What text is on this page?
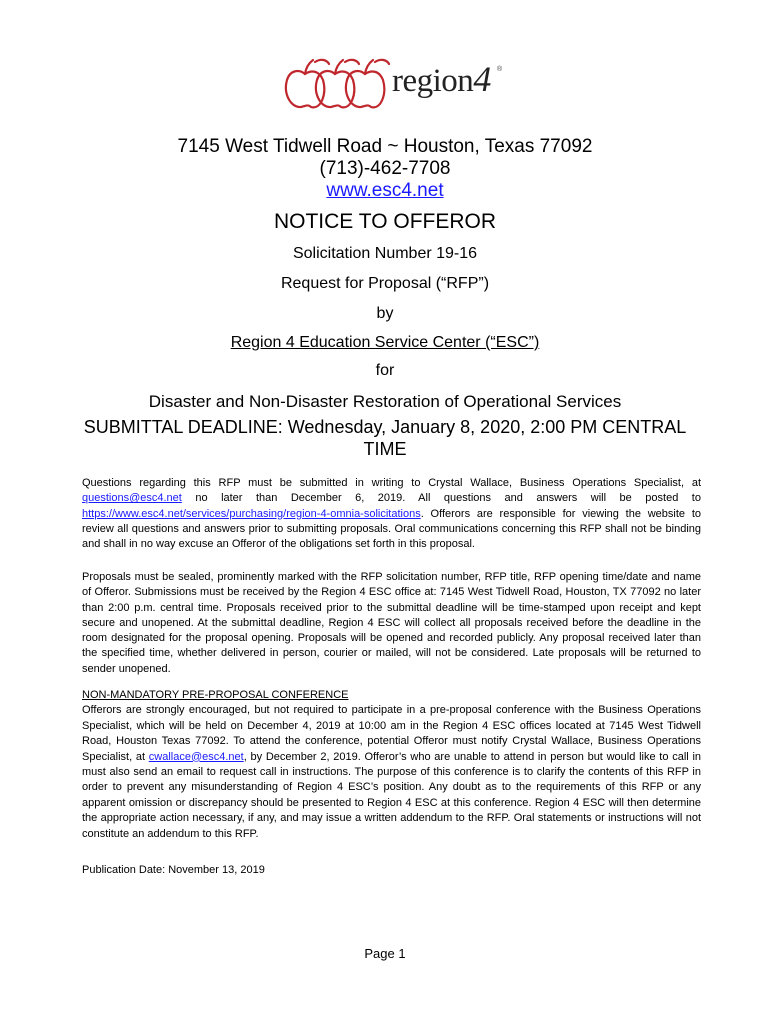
region4 ®
7145 West Tidwell Road ~ Houston, Texas 77092
(713)-462-7708
www.esc4.net
NOTICE TO OFFEROR
Solicitation Number 19-16
Request for Proposal (“RFP”)
by
Region 4 Education Service Center (“ESC”)
for
Disaster and Non-Disaster Restoration of Operational Services
SUBMITTAL DEADLINE: Wednesday, January 8, 2020, 2:00 PM CENTRAL
TIME
Questions regarding this RFP must be submitted in writing to Crystal Wallace, Business Operations Specialist, at questions@esc4.net no later than December 6, 2019. All questions and answers will be posted to https://www.esc4.net/services/purchasing/region-4-omnia-solicitations. Offerors are responsible for viewing the website to review all questions and answers prior to submitting proposals. Oral communications concerning this RFP shall not be binding and shall in no way excuse an Offeror of the obligations set forth in this proposal.
Proposals must be sealed, prominently marked with the RFP solicitation number, RFP title, RFP opening time/date and name of Offeror. Submissions must be received by the Region 4 ESC office at: 7145 West Tidwell Road, Houston, TX 77092 no later than 2:00 p.m. central time. Proposals received prior to the submittal deadline will be time-stamped upon receipt and kept secure and unopened. At the submittal deadline, Region 4 ESC will collect all proposals received before the deadline in the room designated for the proposal opening. Proposals will be opened and recorded publicly. Any proposal received later than the specified time, whether delivered in person, courier or mailed, will not be considered. Late proposals will be returned to sender unopened.
NON-MANDATORY PRE-PROPOSAL CONFERENCE
Offerors are strongly encouraged, but not required to participate in a pre-proposal conference with the Business Operations Specialist, which will be held on December 4, 2019 at 10:00 am in the Region 4 ESC offices located at 7145 West Tidwell Road, Houston Texas 77092. To attend the conference, potential Offeror must notify Crystal Wallace, Business Operations Specialist, at cwallace@esc4.net, by December 2, 2019. Offeror’s who are unable to attend in person but would like to call in must also send an email to request call in instructions. The purpose of this conference is to clarify the contents of this RFP in order to prevent any misunderstanding of Region 4 ESC’s position. Any doubt as to the requirements of this RFP or any apparent omission or discrepancy should be presented to Region 4 ESC at this conference. Region 4 ESC will then determine the appropriate action necessary, if any, and may issue a written addendum to the RFP. Oral statements or instructions will not constitute an addendum to this RFP.
Publication Date: November 13, 2019
Page 1
